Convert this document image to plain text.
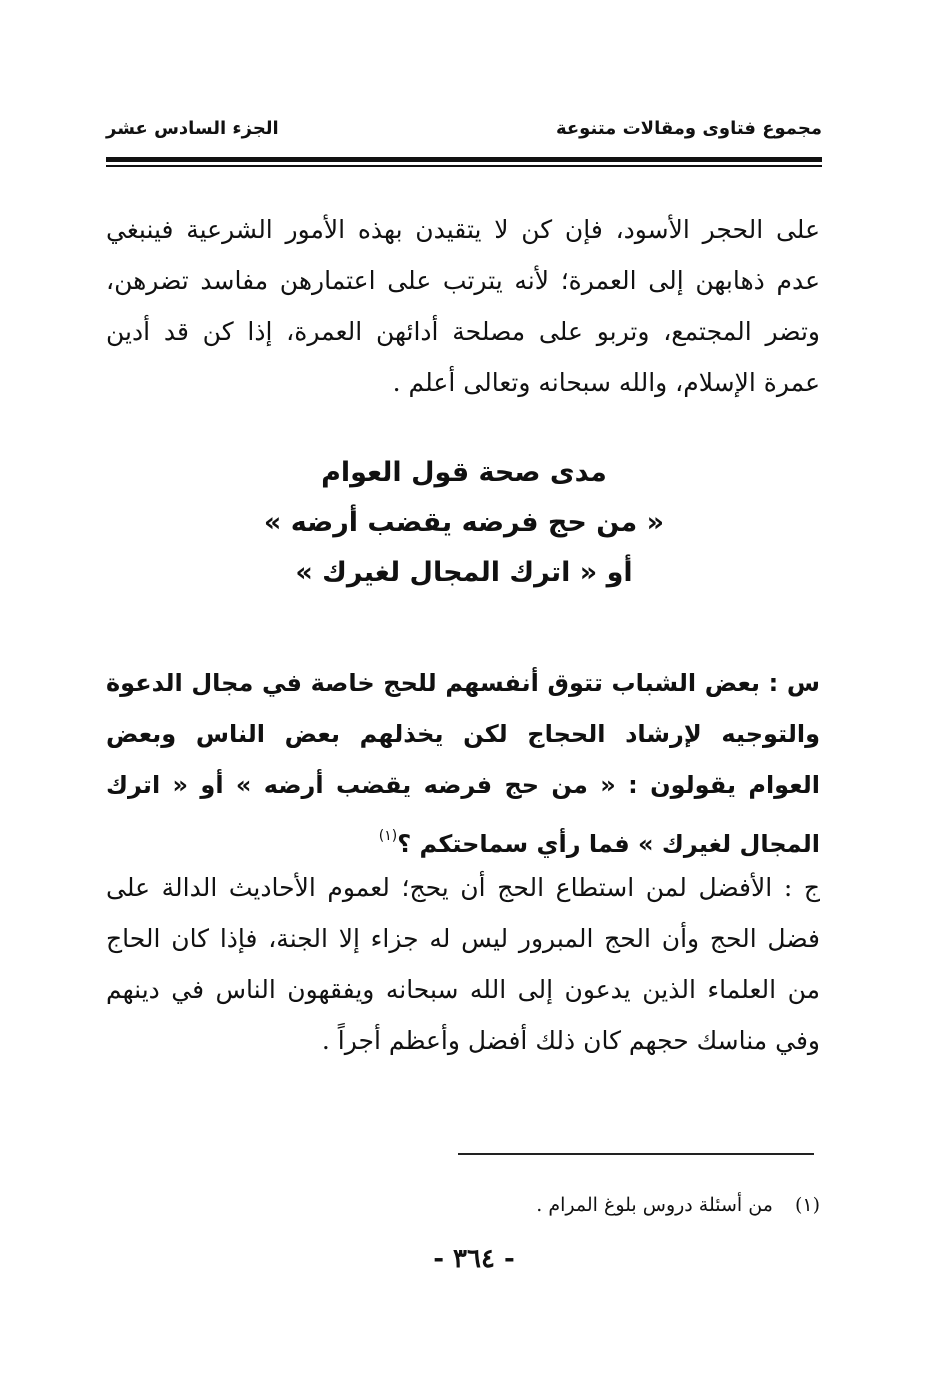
مجموع فتاوى ومقالات متنوعة
الجزء السادس عشر

على الحجر الأسود، فإن كن لا يتقيدن بهذه الأمور الشرعية فينبغي عدم ذهابهن إلى العمرة؛ لأنه يترتب على اعتمارهن مفاسد تضرهن، وتضر المجتمع، وتربو على مصلحة أدائهن العمرة، إذا كن قد أدين عمرة الإسلام، والله سبحانه وتعالى أعلم .

مدى صحة قول العوام
« من حج فرضه يقضب أرضه »
أو « اترك المجال لغيرك »
س : بعض الشباب تتوق أنفسهم للحج خاصة في مجال الدعوة والتوجيه لإرشاد الحجاج لكن يخذلهم بعض الناس وبعض العوام يقولون : « من حج فرضه يقضب أرضه » أو « اترك المجال لغيرك » فما رأي سماحتكم ؟$^{(١)}$
ج : الأفضل لمن استطاع الحج أن يحج؛ لعموم الأحاديث الدالة على فضل الحج وأن الحج المبرور ليس له جزاء إلا الجنة، فإذا كان الحاج من العلماء الذين يدعون إلى الله سبحانه ويفقهون الناس في دينهم وفي مناسك حجهم كان ذلك أفضل وأعظم أجراً .
(١) من أسئلة دروس بلوغ المرام .
- ٣٦٤ -
